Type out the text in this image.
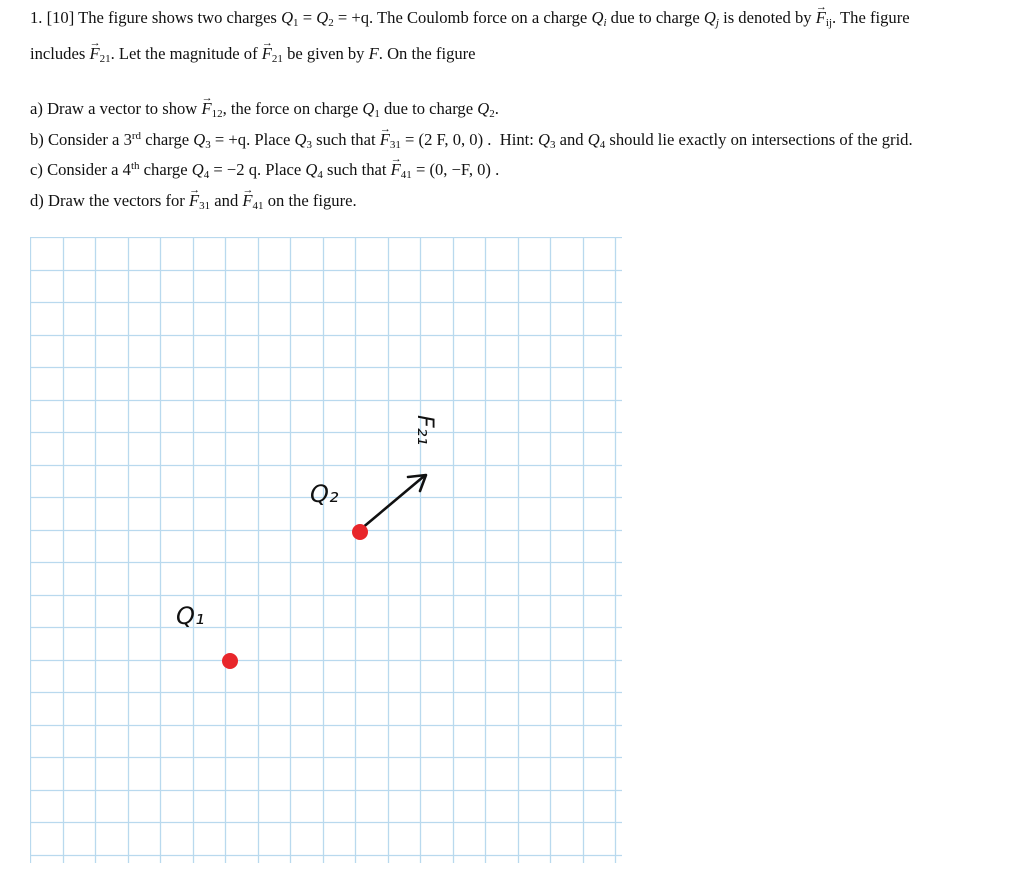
1. [10] The figure shows two charges $Q_1 = Q_2 = +q$. The Coulomb force on a charge $Q_i$ due to charge $Q_j$ is denoted by → $F_{ij}$. The figure
includes → $F_{21}$. Let the magnitude of → $F_{21}$ be given by F. On the figure
a) Draw a vector to show → $F_{12}$, the force on charge $Q_1$ due to charge $Q_2$.
b) Consider a 3rd charge $Q_3 = +q$. Place $Q_3$ such that → $F_{31} = (2$ F, 0, 0) . Hint: $Q_3$ and $Q_4$ should lie exactly on intersections of the grid.
c) Consider a 4th charge $Q_4 = -2$ q. Place $Q_4$ such that → $F_{41} = (0$, −F, 0) .
d) Draw the vectors for → $F_{31}$ and → $F_{41}$ on the figure.
Q₂
Q₁
F₂₁
